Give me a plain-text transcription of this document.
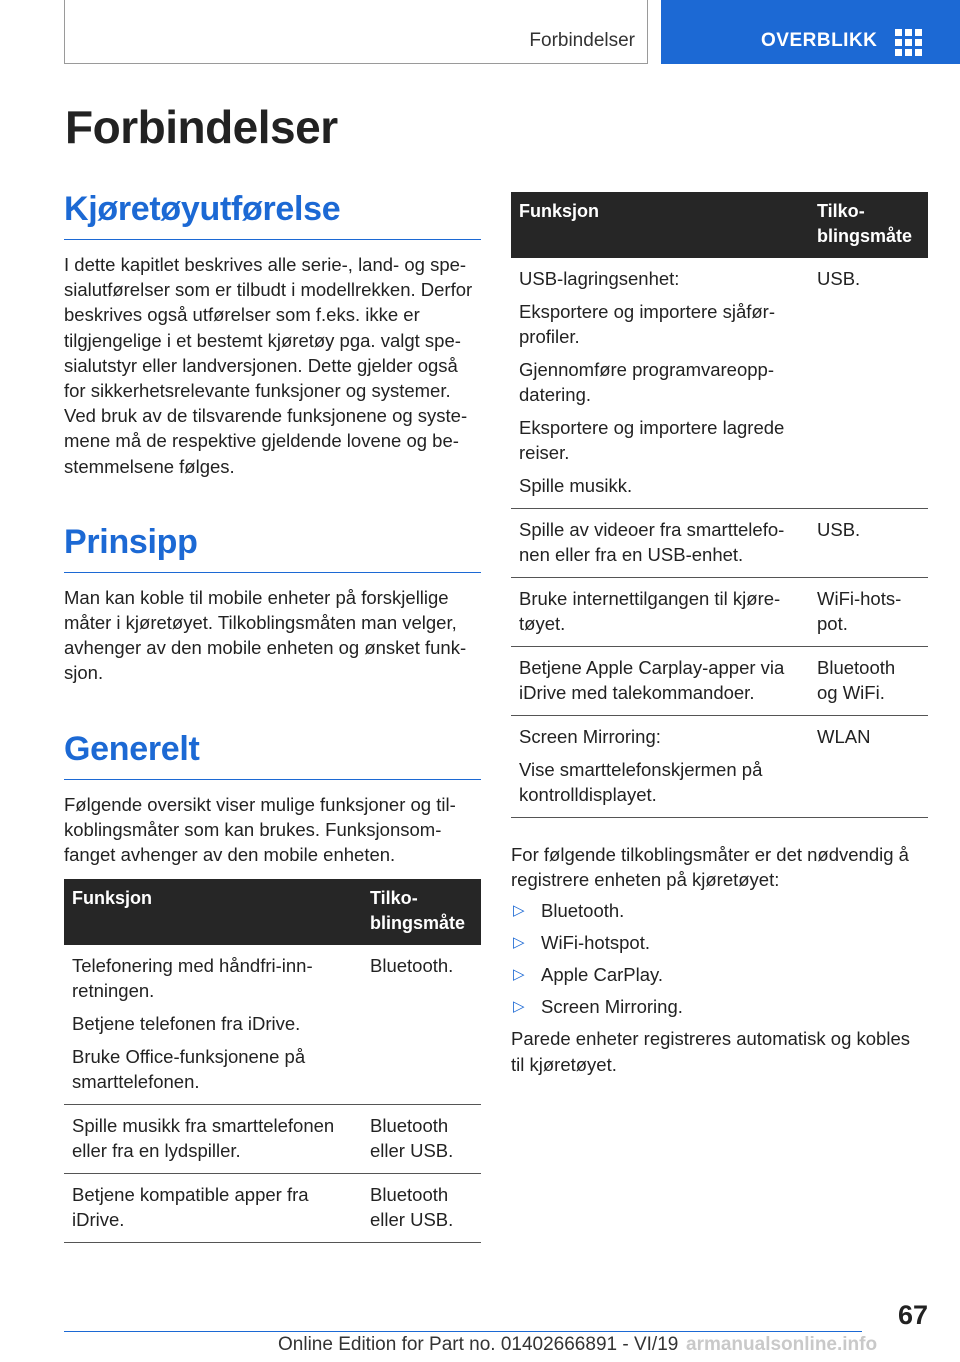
Forbindelser	OVERBLIKK
Forbindelser
Kjøretøyutførelse

I dette kapitlet beskrives alle serie-, land- og spesialutførelser som er tilbudt i modellrekken. Derfor beskrives også utførelser som f.eks. ikke er tilgjengelige i et bestemt kjøretøy pga. valgt spesialutstyr eller landversjonen. Dette gjelder også for sikkerhetsrelevante funksjoner og systemer. Ved bruk av de tilsvarende funksjonene og systemene må de respektive gjeldende lovene og bestemmelsene følges.

Prinsipp

Man kan koble til mobile enheter på forskjellige måter i kjøretøyet. Tilkoblingsmåten man velger, avhenger av den mobile enheten og ønsket funksjon.

Generelt

Følgende oversikt viser mulige funksjoner og tilkoblingsmåter som kan brukes. Funksjonsomfanget avhenger av den mobile enheten.

Funksjon	Tilkoblingsmåte

Telefonering med håndfri-innretningen.
Betjene telefonen fra iDrive.
Bruke Office-funksjonene på smarttelefonen.	Bluetooth.

Spille musikk fra smarttelefonen eller fra en lydspiller.	Bluetooth eller USB.

Betjene kompatible apper fra iDrive.	Bluetooth eller USB.
Funksjon	Tilkoblingsmåte

USB-lagringsenhet:
Eksportere og importere sjåførprofiler.
Gjennomføre programvareoppdatering.
Eksportere og importere lagrede reiser.
Spille musikk.	USB.

Spille av videoer fra smarttelefonen eller fra en USB-enhet.	USB.

Bruke internettilgangen til kjøretøyet.	WiFi-hotspot.

Betjene Apple Carplay-apper via iDrive med talekommandoer.	Bluetooth og WiFi.

Screen Mirroring:
Vise smarttelefonskjermen på kontrolldisplayet.	WLAN

For følgende tilkoblingsmåter er det nødvendig å registrere enheten på kjøretøyet:

▷ Bluetooth.
▷ WiFi-hotspot.
▷ Apple CarPlay.
▷ Screen Mirroring.

Parede enheter registreres automatisk og kobles til kjøretøyet.

67
Online Edition for Part no. 01402666891 - VI/19 armanualsonline.info
